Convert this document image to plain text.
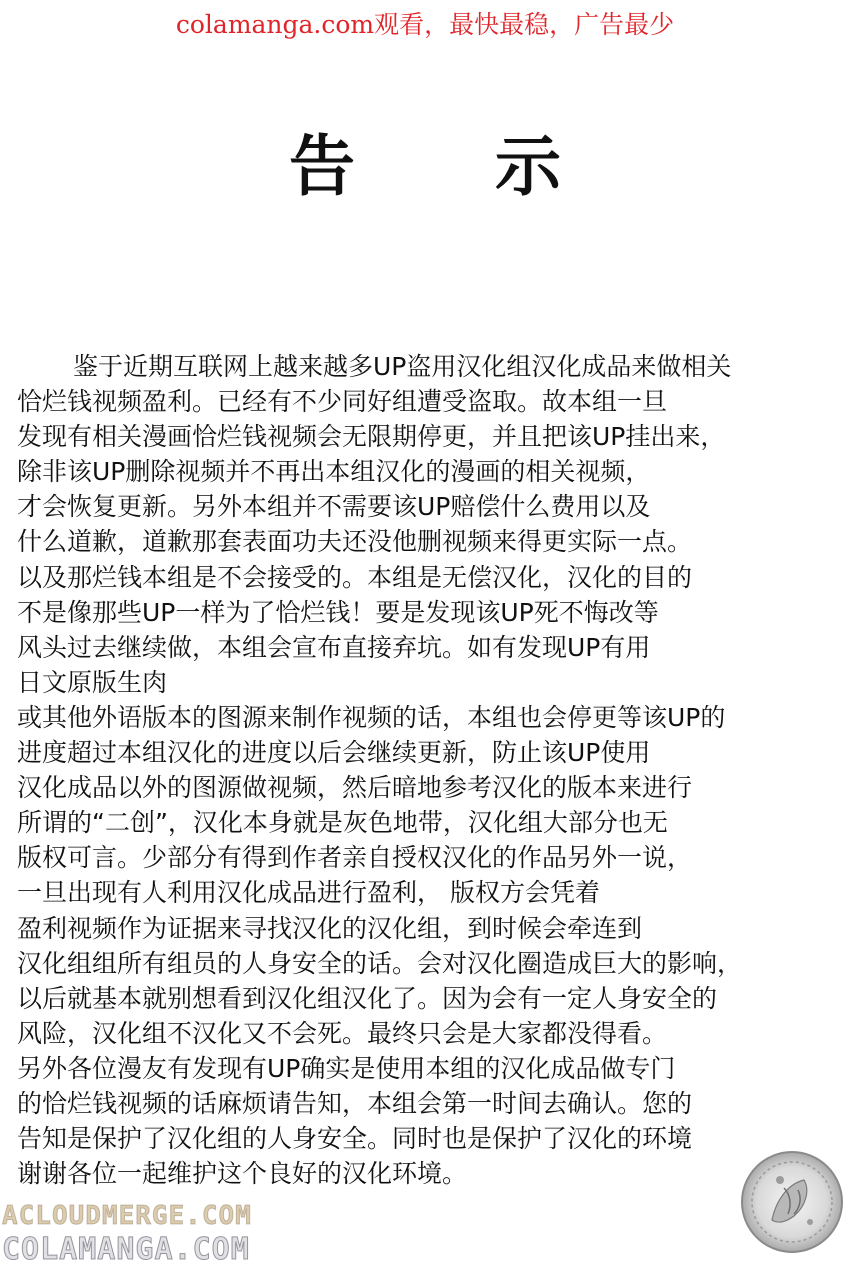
colamanga.com观看，最快最稳，广告最少
告示
鉴于近期互联网上越来越多UP盗用汉化组汉化成品来做相关
恰烂钱视频盈利。已经有不少同好组遭受盗取。故本组一旦
发现有相关漫画恰烂钱视频会无限期停更，并且把该UP挂出来，
除非该UP删除视频并不再出本组汉化的漫画的相关视频，
才会恢复更新。另外本组并不需要该UP赔偿什么费用以及
什么道歉，道歉那套表面功夫还没他删视频来得更实际一点。
以及那烂钱本组是不会接受的。本组是无偿汉化，汉化的目的
不是像那些UP一样为了恰烂钱！要是发现该UP死不悔改等
风头过去继续做，本组会宣布直接弃坑。如有发现UP有用
日文原版生肉
或其他外语版本的图源来制作视频的话，本组也会停更等该UP的
进度超过本组汉化的进度以后会继续更新，防止该UP使用
汉化成品以外的图源做视频，然后暗地参考汉化的版本来进行
所谓的“二创”，汉化本身就是灰色地带，汉化组大部分也无
版权可言。少部分有得到作者亲自授权汉化的作品另外一说，
一旦出现有人利用汉化成品进行盈利， 版权方会凭着
盈利视频作为证据来寻找汉化的汉化组，到时候会牵连到
汉化组组所有组员的人身安全的话。会对汉化圈造成巨大的影响，
以后就基本就别想看到汉化组汉化了。因为会有一定人身安全的
风险，汉化组不汉化又不会死。最终只会是大家都没得看。
另外各位漫友有发现有UP确实是使用本组的汉化成品做专门
的恰烂钱视频的话麻烦请告知，本组会第一时间去确认。您的
告知是保护了汉化组的人身安全。同时也是保护了汉化的环境
谢谢各位一起维护这个良好的汉化环境。
ACLOUDMERGE.COM
COLAMANGA.COM
